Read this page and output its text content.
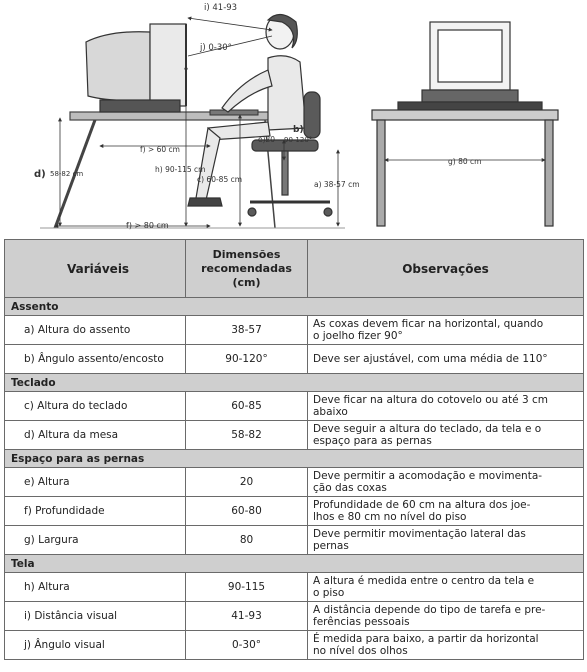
i) 41-93
j) 0-30°
d) 58-82 cm
f) > 60 cm
f) > 80 cm
h) 90-115 cm
c) 60-85 cm
e)20
b)
90-120°
a) 38-57 cm
g) 80 cm
Variáveis	Dimensões
recomendadas
(cm)	Observações
Assento		
a) Altura do assento	38-57	As coxas devem ficar na horizontal, quando
o joelho fizer 90°
b) Ângulo assento/encosto	90-120°	Deve ser ajustável, com uma média de 110°
Teclado		
c) Altura do teclado	60-85	Deve ficar na altura do cotovelo ou até 3 cm
abaixo
d) Altura da mesa	58-82	Deve seguir a altura do teclado, da tela e o
espaço para as pernas
Espaço para as pernas		
e) Altura	20	Deve permitir a acomodação e movimenta-
ção das coxas
f) Profundidade	60-80	Profundidade de 60 cm na altura dos joe-
lhos e 80 cm no nível do piso
g) Largura	80	Deve permitir movimentação lateral das
pernas
Tela		
h) Altura	90-115	A altura é medida entre o centro da tela e
o piso
i) Distância visual	41-93	A distância depende do tipo de tarefa e pre-
ferências pessoais
j) Ângulo visual	0-30°	É medida para baixo, a partir da horizontal
no nível dos olhos
